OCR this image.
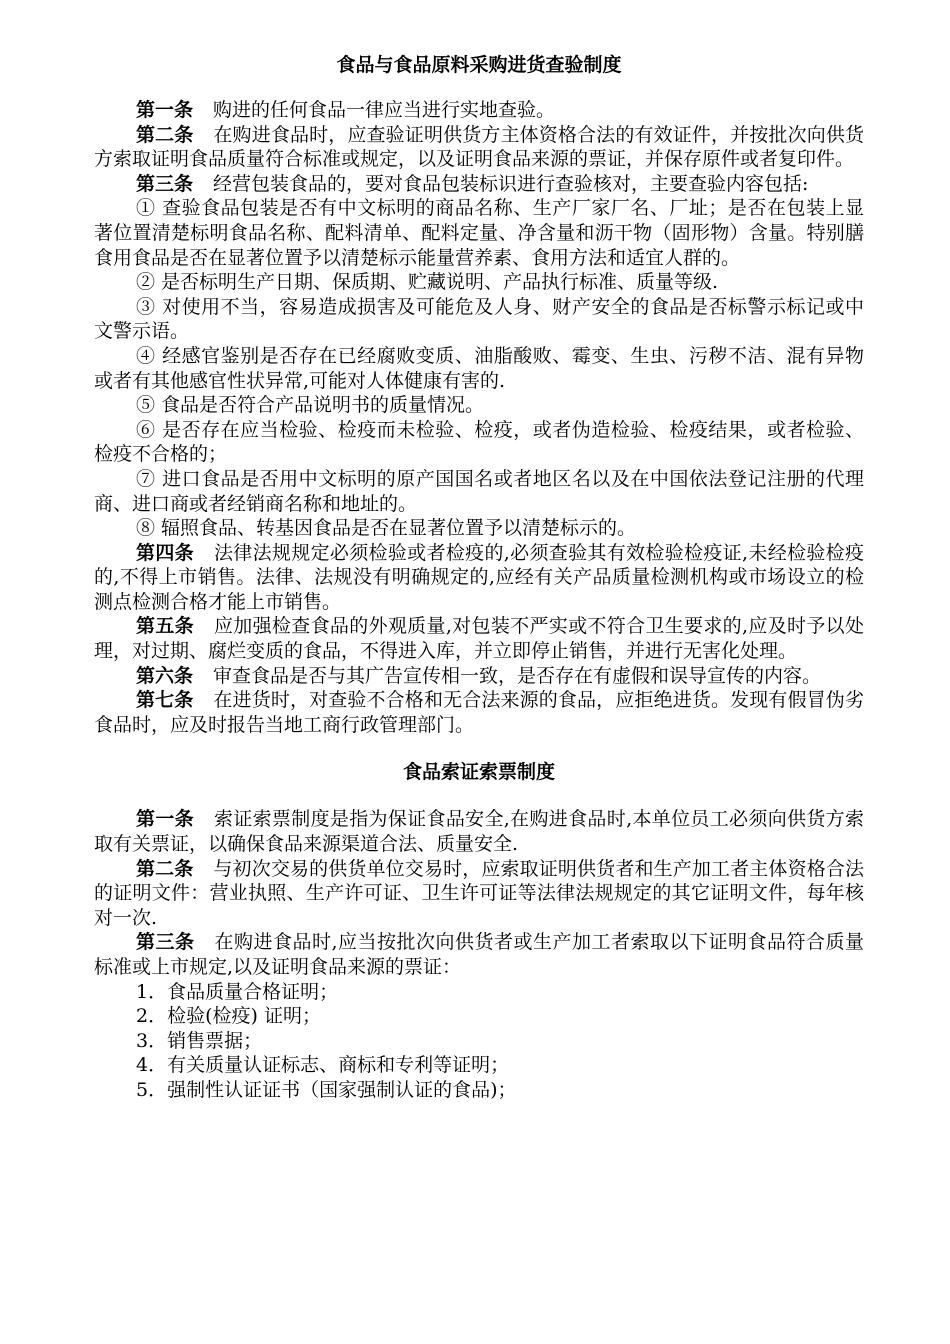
食品与食品原料采购进货查验制度

第一条 购进的任何食品一律应当进行实地查验。

第二条 在购进食品时，应查验证明供货方主体资格合法的有效证件，并按批次向供货方索取证明食品质量符合标准或规定，以及证明食品来源的票证，并保存原件或者复印件。

第三条 经营包装食品的，要对食品包装标识进行查验核对，主要查验内容包括:

① 查验食品包装是否有中文标明的商品名称、生产厂家厂名、厂址；是否在包装上显著位置清楚标明食品名称、配料清单、配料定量、净含量和沥干物（固形物）含量。特别膳食用食品是否在显著位置予以清楚标示能量营养素、食用方法和适宜人群的。

② 是否标明生产日期、保质期、贮藏说明、产品执行标准、质量等级.

③ 对使用不当，容易造成损害及可能危及人身、财产安全的食品是否标警示标记或中文警示语。

④ 经感官鉴别是否存在已经腐败变质、油脂酸败、霉变、生虫、污秽不洁、混有异物或者有其他感官性状异常,可能对人体健康有害的.

⑤ 食品是否符合产品说明书的质量情况。

⑥ 是否存在应当检验、检疫而未检验、检疫，或者伪造检验、检疫结果，或者检验、检疫不合格的；

⑦ 进口食品是否用中文标明的原产国国名或者地区名以及在中国依法登记注册的代理商、进口商或者经销商名称和地址的。

⑧ 辐照食品、转基因食品是否在显著位置予以清楚标示的。

第四条 法律法规规定必须检验或者检疫的,必须查验其有效检验检疫证,未经检验检疫的,不得上市销售。法律、法规没有明确规定的,应经有关产品质量检测机构或市场设立的检测点检测合格才能上市销售。

第五条 应加强检查食品的外观质量,对包装不严实或不符合卫生要求的,应及时予以处理，对过期、腐烂变质的食品，不得进入库，并立即停止销售，并进行无害化处理。

第六条 审查食品是否与其广告宣传相一致，是否存在有虚假和误导宣传的内容。

第七条 在进货时，对查验不合格和无合法来源的食品，应拒绝进货。发现有假冒伪劣食品时，应及时报告当地工商行政管理部门。

食品索证索票制度

第一条 索证索票制度是指为保证食品安全,在购进食品时,本单位员工必须向供货方索取有关票证，以确保食品来源渠道合法、质量安全.

第二条 与初次交易的供货单位交易时，应索取证明供货者和生产加工者主体资格合法的证明文件：营业执照、生产许可证、卫生许可证等法律法规规定的其它证明文件，每年核对一次.

第三条 在购进食品时,应当按批次向供货者或生产加工者索取以下证明食品符合质量标准或上市规定,以及证明食品来源的票证：

1．食品质量合格证明；

2．检验(检疫) 证明；

3．销售票据；

4．有关质量认证标志、商标和专利等证明；

5．强制性认证证书（国家强制认证的食品)；
